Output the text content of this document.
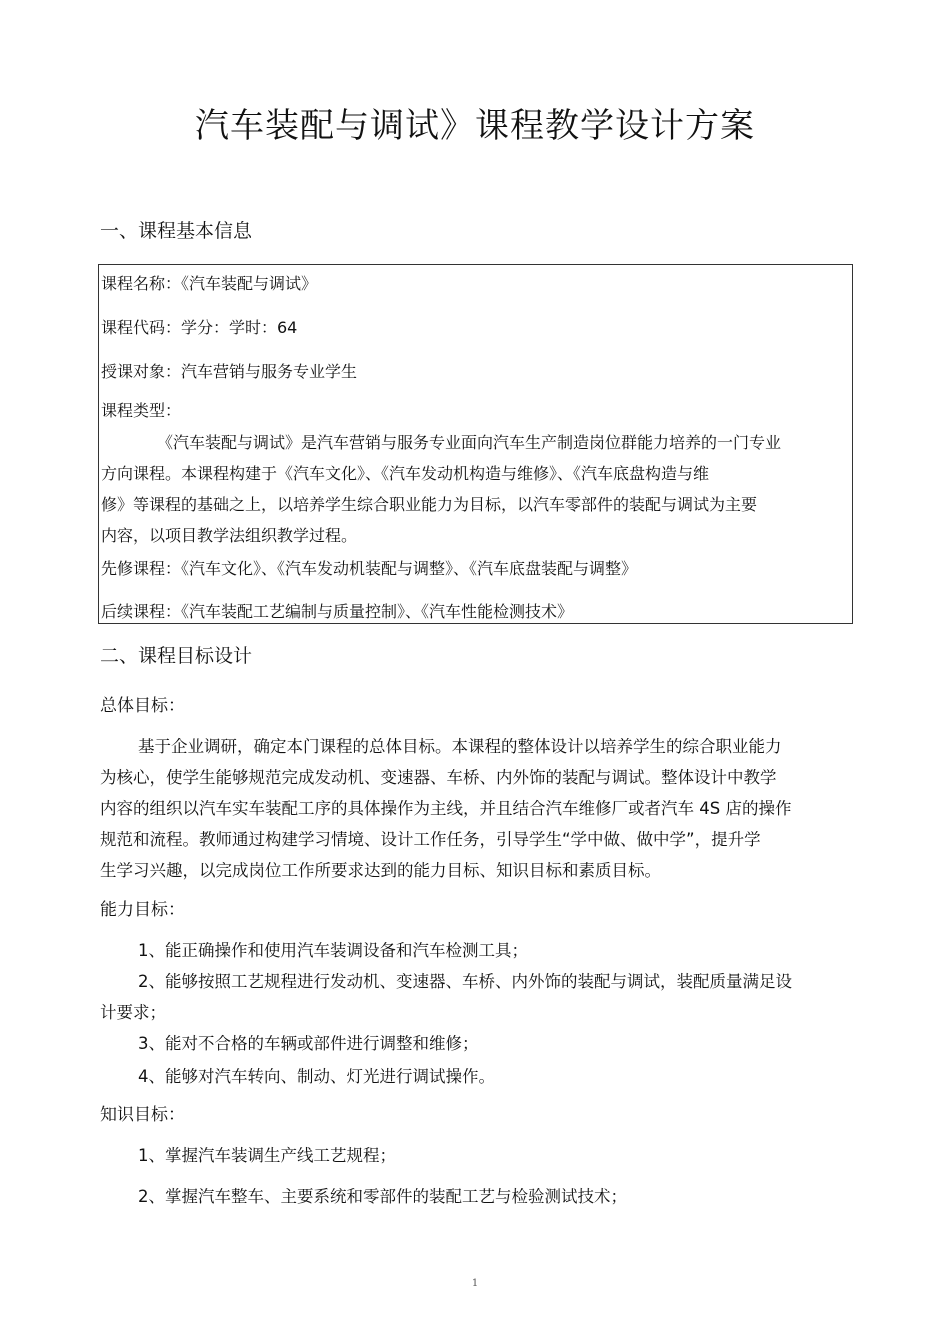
汽车装配与调试》课程教学设计方案
一、课程基本信息
课程名称：《汽车装配与调试》
课程代码：学分：学时：64
授课对象：汽车营销与服务专业学生
课程类型：
《汽车装配与调试》是汽车营销与服务专业面向汽车生产制造岗位群能力培养的一门专业
方向课程。本课程构建于《汽车文化》、《汽车发动机构造与维修》、《汽车底盘构造与维
修》等课程的基础之上，以培养学生综合职业能力为目标，以汽车零部件的装配与调试为主要
内容，以项目教学法组织教学过程。
先修课程：《汽车文化》、《汽车发动机装配与调整》、《汽车底盘装配与调整》
后续课程：《汽车装配工艺编制与质量控制》、《汽车性能检测技术》
二、课程目标设计
总体目标：
基于企业调研，确定本门课程的总体目标。本课程的整体设计以培养学生的综合职业能力
为核心，使学生能够规范完成发动机、变速器、车桥、内外饰的装配与调试。整体设计中教学
内容的组织以汽车实车装配工序的具体操作为主线，并且结合汽车维修厂或者汽车 4S 店的操作
规范和流程。教师通过构建学习情境、设计工作任务，引导学生“学中做、做中学”，提升学
生学习兴趣，以完成岗位工作所要求达到的能力目标、知识目标和素质目标。
能力目标：
1、能正确操作和使用汽车装调设备和汽车检测工具；
2、能够按照工艺规程进行发动机、变速器、车桥、内外饰的装配与调试，装配质量满足设
计要求；
3、能对不合格的车辆或部件进行调整和维修；
4、能够对汽车转向、制动、灯光进行调试操作。
知识目标：
1、掌握汽车装调生产线工艺规程；
2、掌握汽车整车、主要系统和零部件的装配工艺与检验测试技术；
1
